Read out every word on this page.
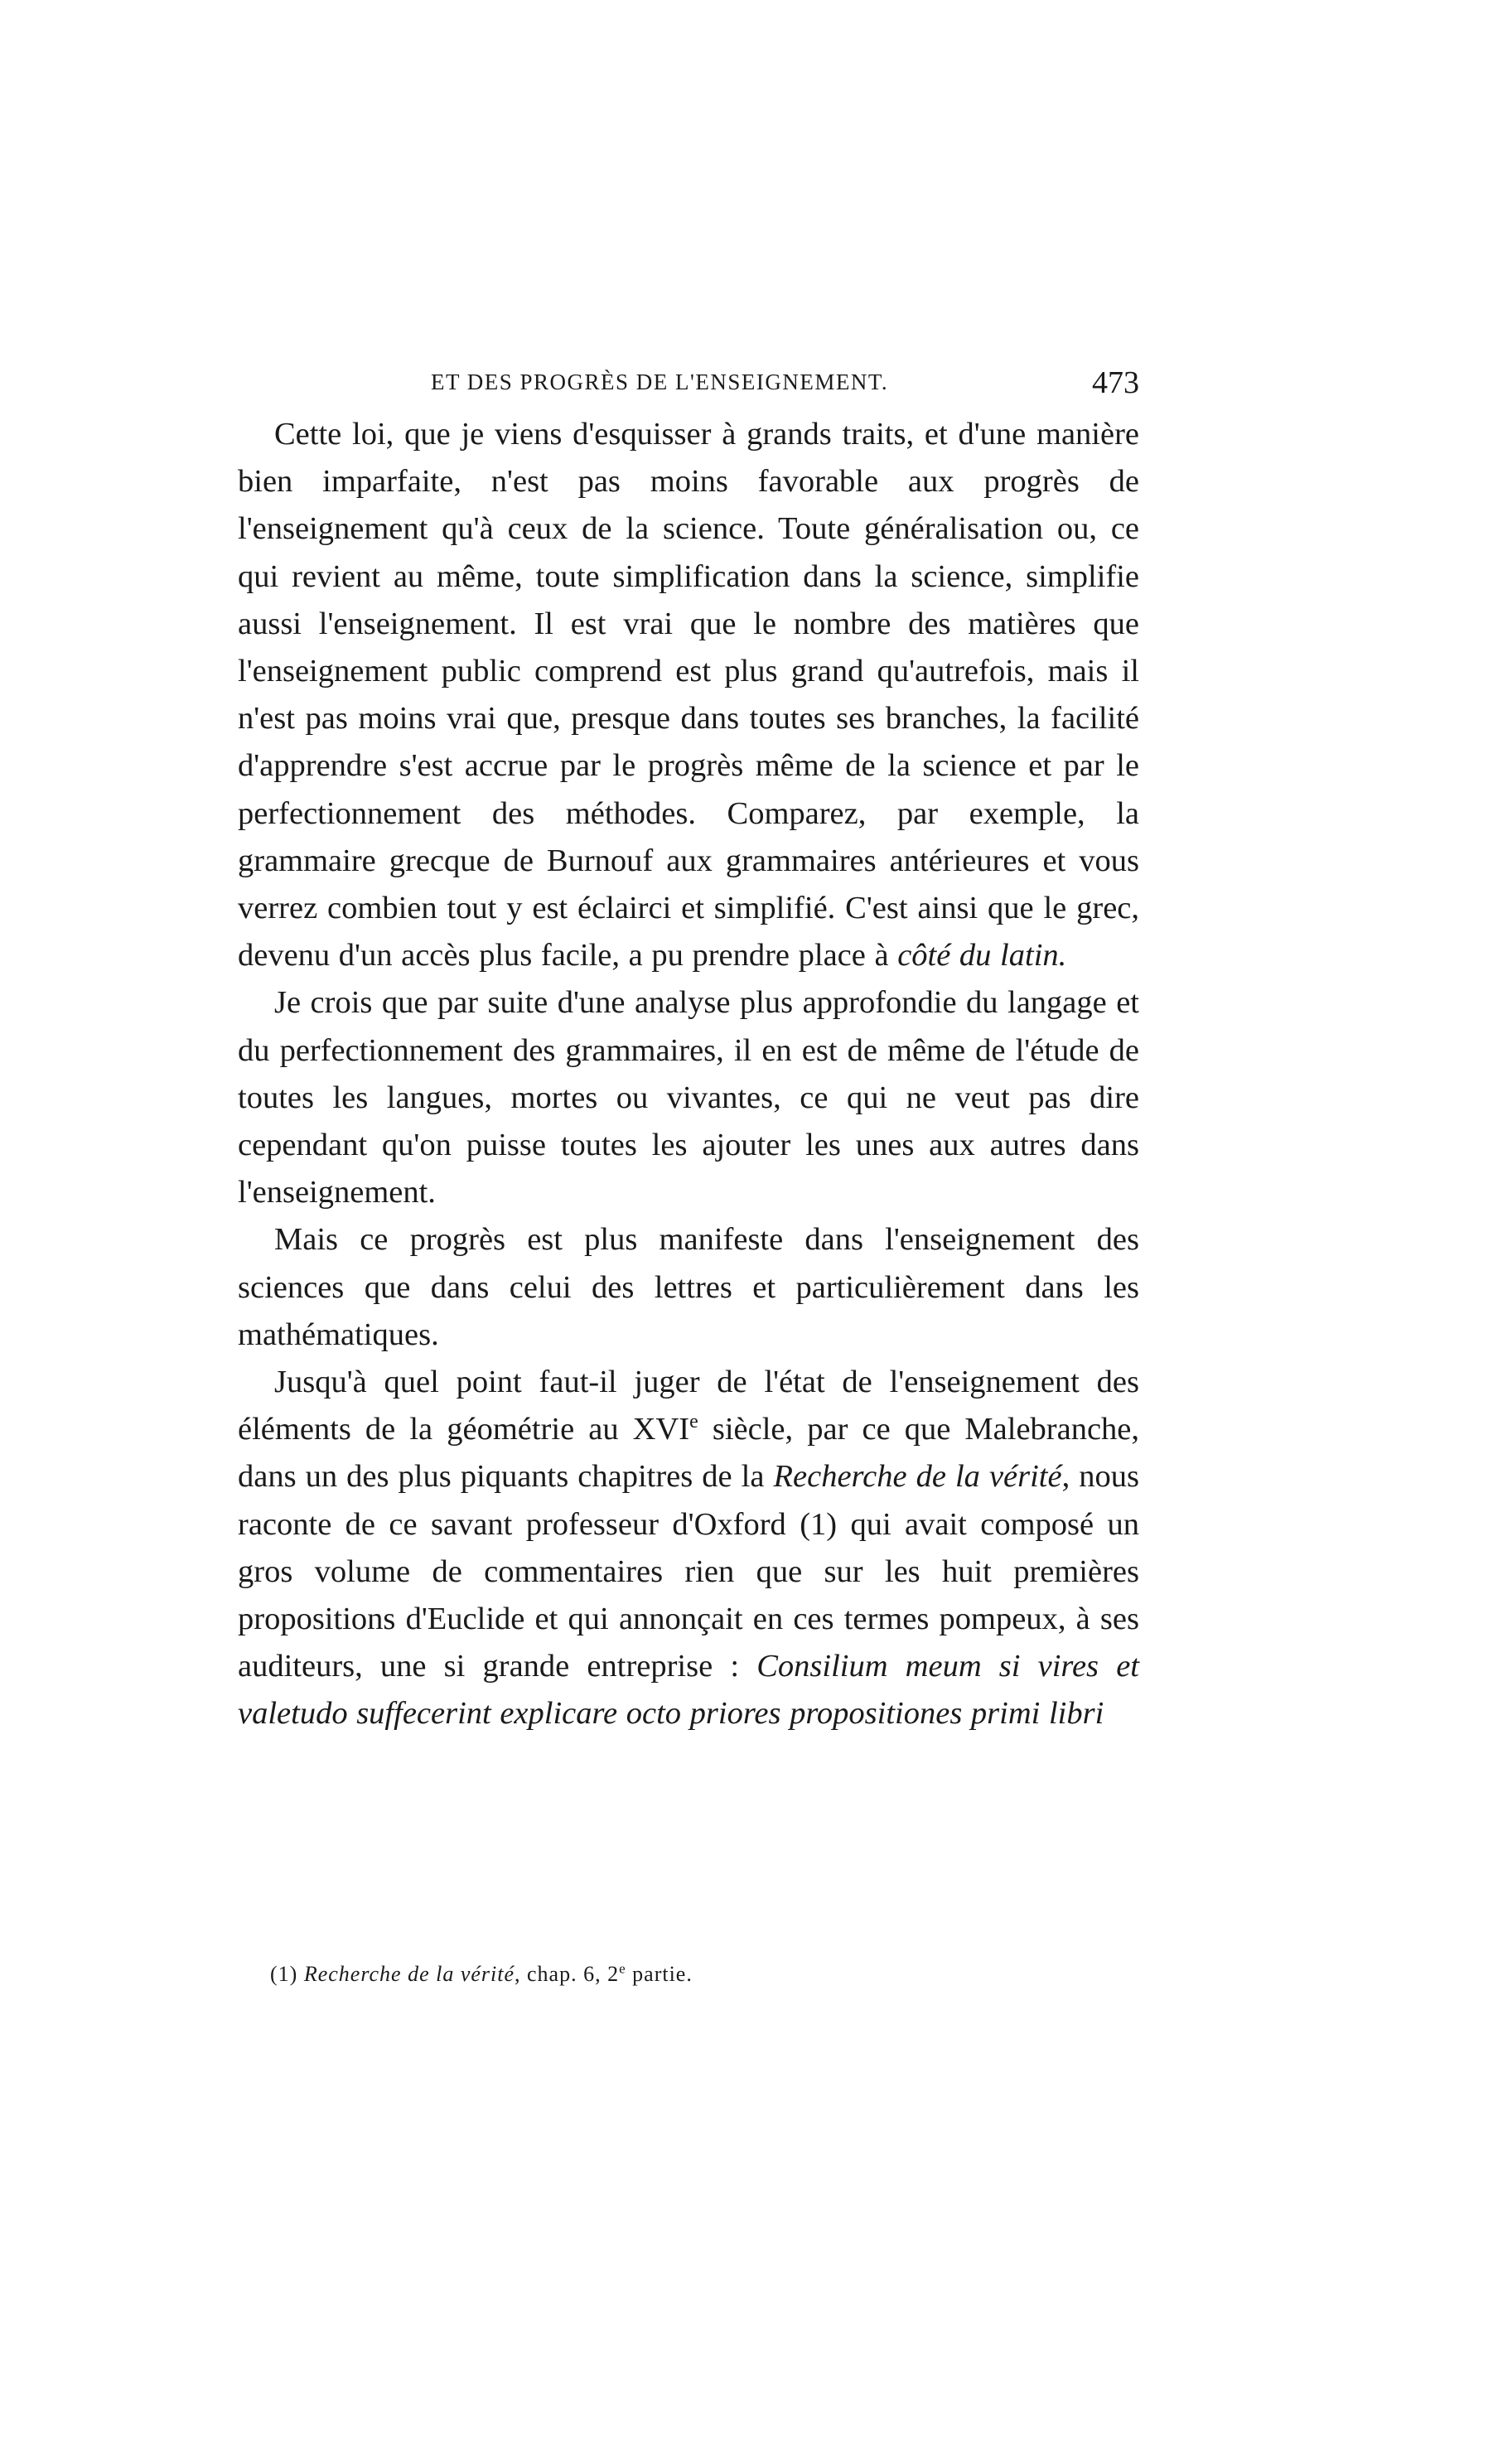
ET DES PROGRÈS DE L'ENSEIGNEMENT.	473

Cette loi, que je viens d'esquisser à grands traits, et d'une manière bien imparfaite, n'est pas moins favorable aux progrès de l'enseignement qu'à ceux de la science. Toute généralisation ou, ce qui revient au même, toute simplification dans la science, simplifie aussi l'enseignement. Il est vrai que le nombre des matières que l'enseignement public comprend est plus grand qu'autrefois, mais il n'est pas moins vrai que, presque dans toutes ses branches, la facilité d'apprendre s'est accrue par le progrès même de la science et par le perfectionnement des méthodes. Comparez, par exemple, la grammaire grecque de Burnouf aux grammaires antérieures et vous verrez combien tout y est éclairci et simplifié. C'est ainsi que le grec, devenu d'un accès plus facile, a pu prendre place à côté du latin.

Je crois que par suite d'une analyse plus approfondie du langage et du perfectionnement des grammaires, il en est de même de l'étude de toutes les langues, mortes ou vivantes, ce qui ne veut pas dire cependant qu'on puisse toutes les ajouter les unes aux autres dans l'enseignement.

Mais ce progrès est plus manifeste dans l'enseignement des sciences que dans celui des lettres et particulièrement dans les mathématiques.

Jusqu'à quel point faut-il juger de l'état de l'enseignement des éléments de la géométrie au XVIe siècle, par ce que Malebranche, dans un des plus piquants chapitres de la Recherche de la vérité, nous raconte de ce savant professeur d'Oxford (1) qui avait composé un gros volume de commentaires rien que sur les huit premières propositions d'Euclide et qui annonçait en ces termes pompeux, à ses auditeurs, une si grande entreprise : Consilium meum si vires et valetudo suffecerint explicare octo priores propositiones primi libri

(1) Recherche de la vérité, chap. 6, 2e partie.
